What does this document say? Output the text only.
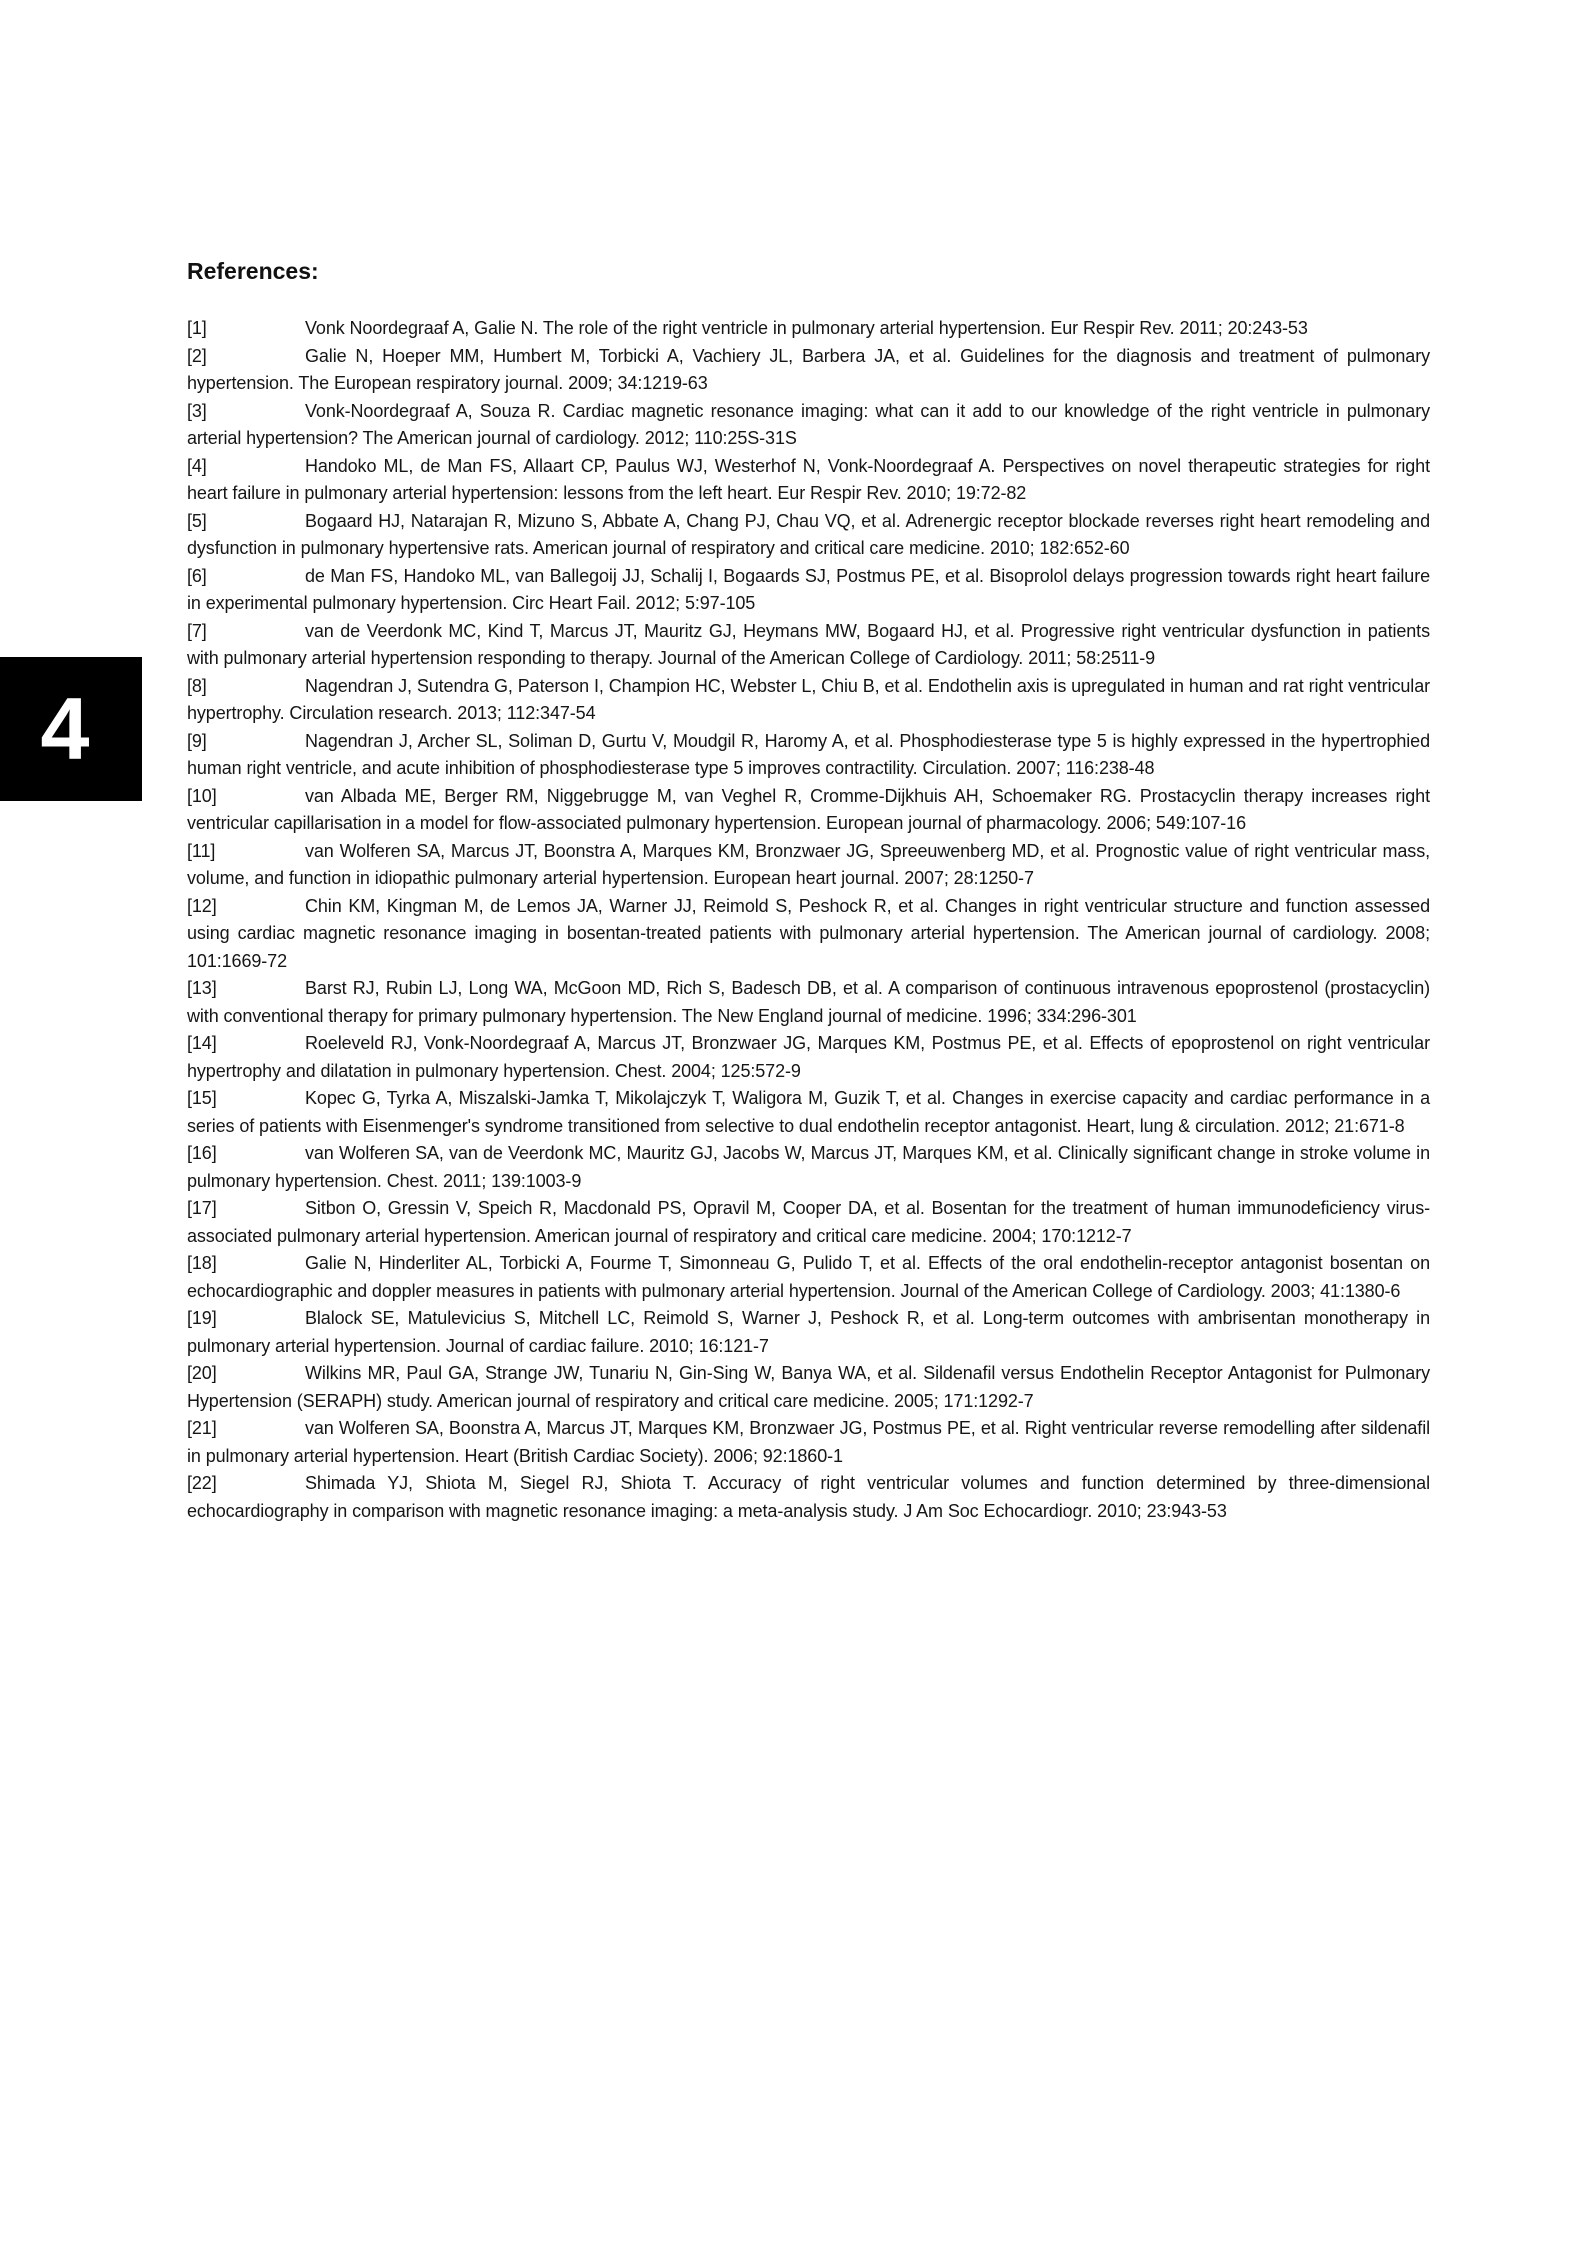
4
References:

[1]	Vonk Noordegraaf A, Galie N. The role of the right ventricle in pulmonary arterial hypertension. Eur Respir Rev. 2011; 20:243-53

[2]	Galie N, Hoeper MM, Humbert M, Torbicki A, Vachiery JL, Barbera JA, et al. Guidelines for the diagnosis and treatment of pulmonary hypertension. The European respiratory journal. 2009; 34:1219-63

[3]	Vonk-Noordegraaf A, Souza R. Cardiac magnetic resonance imaging: what can it add to our knowledge of the right ventricle in pulmonary arterial hypertension? The American journal of cardiology. 2012; 110:25S-31S

[4]	Handoko ML, de Man FS, Allaart CP, Paulus WJ, Westerhof N, Vonk-Noordegraaf A. Perspectives on novel therapeutic strategies for right heart failure in pulmonary arterial hypertension: lessons from the left heart. Eur Respir Rev. 2010; 19:72-82

[5]	Bogaard HJ, Natarajan R, Mizuno S, Abbate A, Chang PJ, Chau VQ, et al. Adrenergic receptor blockade reverses right heart remodeling and dysfunction in pulmonary hypertensive rats. American journal of respiratory and critical care medicine. 2010; 182:652-60

[6]	de Man FS, Handoko ML, van Ballegoij JJ, Schalij I, Bogaards SJ, Postmus PE, et al. Bisoprolol delays progression towards right heart failure in experimental pulmonary hypertension. Circ Heart Fail. 2012; 5:97-105

[7]	van de Veerdonk MC, Kind T, Marcus JT, Mauritz GJ, Heymans MW, Bogaard HJ, et al. Progressive right ventricular dysfunction in patients with pulmonary arterial hypertension responding to therapy. Journal of the American College of Cardiology. 2011; 58:2511-9

[8]	Nagendran J, Sutendra G, Paterson I, Champion HC, Webster L, Chiu B, et al. Endothelin axis is upregulated in human and rat right ventricular hypertrophy. Circulation research. 2013; 112:347-54

[9]	Nagendran J, Archer SL, Soliman D, Gurtu V, Moudgil R, Haromy A, et al. Phosphodiesterase type 5 is highly expressed in the hypertrophied human right ventricle, and acute inhibition of phosphodiesterase type 5 improves contractility. Circulation. 2007; 116:238-48

[10]	van Albada ME, Berger RM, Niggebrugge M, van Veghel R, Cromme-Dijkhuis AH, Schoemaker RG. Prostacyclin therapy increases right ventricular capillarisation in a model for flow-associated pulmonary hypertension. European journal of pharmacology. 2006; 549:107-16

[11]	van Wolferen SA, Marcus JT, Boonstra A, Marques KM, Bronzwaer JG, Spreeuwenberg MD, et al. Prognostic value of right ventricular mass, volume, and function in idiopathic pulmonary arterial hypertension. European heart journal. 2007; 28:1250-7

[12]	Chin KM, Kingman M, de Lemos JA, Warner JJ, Reimold S, Peshock R, et al. Changes in right ventricular structure and function assessed using cardiac magnetic resonance imaging in bosentan-treated patients with pulmonary arterial hypertension. The American journal of cardiology. 2008; 101:1669-72

[13]	Barst RJ, Rubin LJ, Long WA, McGoon MD, Rich S, Badesch DB, et al. A comparison of continuous intravenous epoprostenol (prostacyclin) with conventional therapy for primary pulmonary hypertension. The New England journal of medicine. 1996; 334:296-301

[14]	Roeleveld RJ, Vonk-Noordegraaf A, Marcus JT, Bronzwaer JG, Marques KM, Postmus PE, et al. Effects of epoprostenol on right ventricular hypertrophy and dilatation in pulmonary hypertension. Chest. 2004; 125:572-9

[15]	Kopec G, Tyrka A, Miszalski-Jamka T, Mikolajczyk T, Waligora M, Guzik T, et al. Changes in exercise capacity and cardiac performance in a series of patients with Eisenmenger's syndrome transitioned from selective to dual endothelin receptor antagonist. Heart, lung & circulation. 2012; 21:671-8

[16]	van Wolferen SA, van de Veerdonk MC, Mauritz GJ, Jacobs W, Marcus JT, Marques KM, et al. Clinically significant change in stroke volume in pulmonary hypertension. Chest. 2011; 139:1003-9

[17]	Sitbon O, Gressin V, Speich R, Macdonald PS, Opravil M, Cooper DA, et al. Bosentan for the treatment of human immunodeficiency virus-associated pulmonary arterial hypertension. American journal of respiratory and critical care medicine. 2004; 170:1212-7

[18]	Galie N, Hinderliter AL, Torbicki A, Fourme T, Simonneau G, Pulido T, et al. Effects of the oral endothelin-receptor antagonist bosentan on echocardiographic and doppler measures in patients with pulmonary arterial hypertension. Journal of the American College of Cardiology. 2003; 41:1380-6

[19]	Blalock SE, Matulevicius S, Mitchell LC, Reimold S, Warner J, Peshock R, et al. Long-term outcomes with ambrisentan monotherapy in pulmonary arterial hypertension. Journal of cardiac failure. 2010; 16:121-7

[20]	Wilkins MR, Paul GA, Strange JW, Tunariu N, Gin-Sing W, Banya WA, et al. Sildenafil versus Endothelin Receptor Antagonist for Pulmonary Hypertension (SERAPH) study. American journal of respiratory and critical care medicine. 2005; 171:1292-7

[21]	van Wolferen SA, Boonstra A, Marcus JT, Marques KM, Bronzwaer JG, Postmus PE, et al. Right ventricular reverse remodelling after sildenafil in pulmonary arterial hypertension. Heart (British Cardiac Society). 2006; 92:1860-1

[22]	Shimada YJ, Shiota M, Siegel RJ, Shiota T. Accuracy of right ventricular volumes and function determined by three-dimensional echocardiography in comparison with magnetic resonance imaging: a meta-analysis study. J Am Soc Echocardiogr. 2010; 23:943-53
